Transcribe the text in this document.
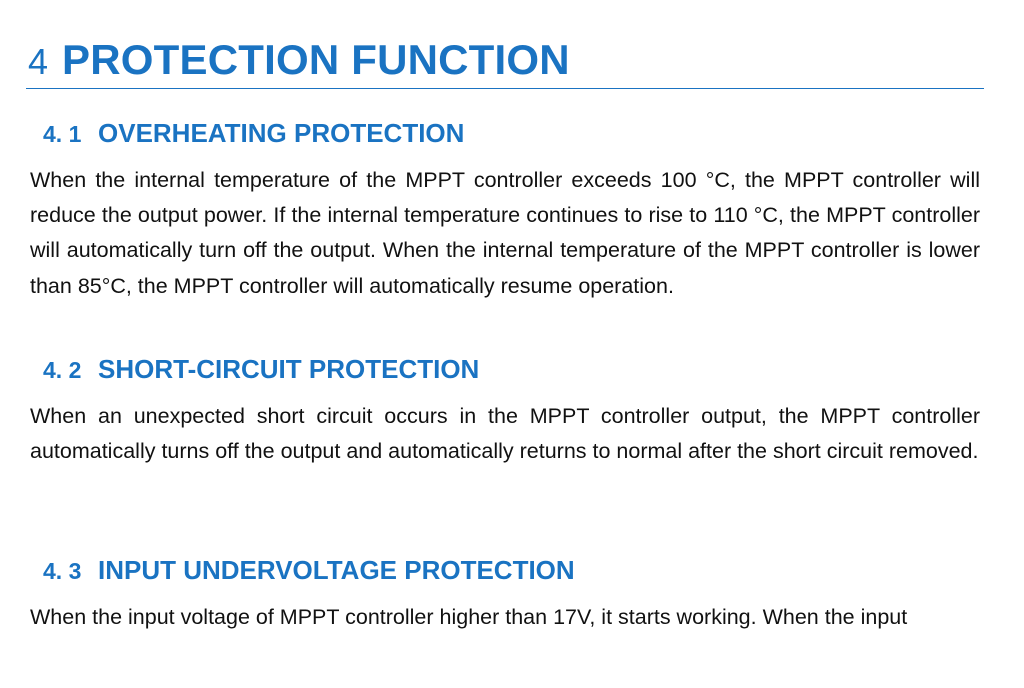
4 PROTECTION FUNCTION
4. 1 OVERHEATING PROTECTION

When the internal temperature of the MPPT controller exceeds 100 °C, the MPPT controller will reduce the output power. If the internal temperature continues to rise to 110 °C, the MPPT controller will automatically turn off the output. When the internal temperature of the MPPT controller is lower than 85°C, the MPPT controller will automatically resume operation.

4. 2 SHORT-CIRCUIT PROTECTION

When an unexpected short circuit occurs in the MPPT controller output, the MPPT controller automatically turns off the output and automatically returns to normal after the short circuit removed.

4. 3 INPUT UNDERVOLTAGE PROTECTION

When the input voltage of MPPT controller higher than 17V, it starts working. When the input
